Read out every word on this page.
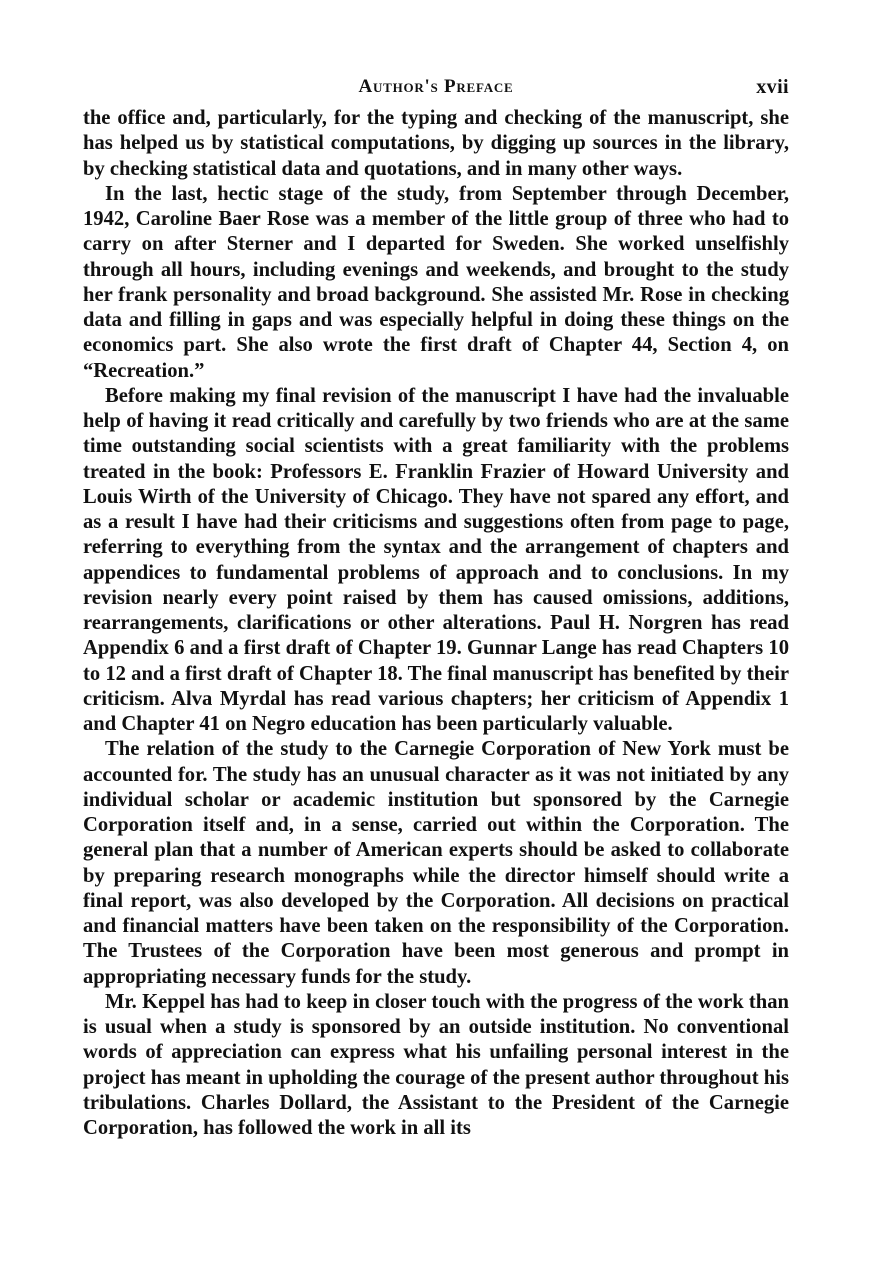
Author's Preface	xvii

the office and, particularly, for the typing and checking of the manuscript, she has helped us by statistical computations, by digging up sources in the library, by checking statistical data and quotations, and in many other ways.

In the last, hectic stage of the study, from September through December, 1942, Caroline Baer Rose was a member of the little group of three who had to carry on after Sterner and I departed for Sweden. She worked unselfishly through all hours, including evenings and weekends, and brought to the study her frank personality and broad background. She assisted Mr. Rose in checking data and filling in gaps and was especially helpful in doing these things on the economics part. She also wrote the first draft of Chapter 44, Section 4, on “Recreation.”

Before making my final revision of the manuscript I have had the invaluable help of having it read critically and carefully by two friends who are at the same time outstanding social scientists with a great familiarity with the problems treated in the book: Professors E. Franklin Frazier of Howard University and Louis Wirth of the University of Chicago. They have not spared any effort, and as a result I have had their criticisms and suggestions often from page to page, referring to everything from the syntax and the arrangement of chapters and appendices to fundamental problems of approach and to conclusions. In my revision nearly every point raised by them has caused omissions, additions, rearrangements, clarifications or other alterations. Paul H. Norgren has read Appendix 6 and a first draft of Chapter 19. Gunnar Lange has read Chapters 10 to 12 and a first draft of Chapter 18. The final manuscript has benefited by their criticism. Alva Myrdal has read various chapters; her criticism of Appendix 1 and Chapter 41 on Negro education has been particularly valuable.

The relation of the study to the Carnegie Corporation of New York must be accounted for. The study has an unusual character as it was not initiated by any individual scholar or academic institution but sponsored by the Carnegie Corporation itself and, in a sense, carried out within the Corporation. The general plan that a number of American experts should be asked to collaborate by preparing research monographs while the director himself should write a final report, was also developed by the Corporation. All decisions on practical and financial matters have been taken on the responsibility of the Corporation. The Trustees of the Corporation have been most generous and prompt in appropriating necessary funds for the study.

Mr. Keppel has had to keep in closer touch with the progress of the work than is usual when a study is sponsored by an outside institution. No conventional words of appreciation can express what his unfailing personal interest in the project has meant in upholding the courage of the present author throughout his tribulations. Charles Dollard, the Assistant to the President of the Carnegie Corporation, has followed the work in all its
